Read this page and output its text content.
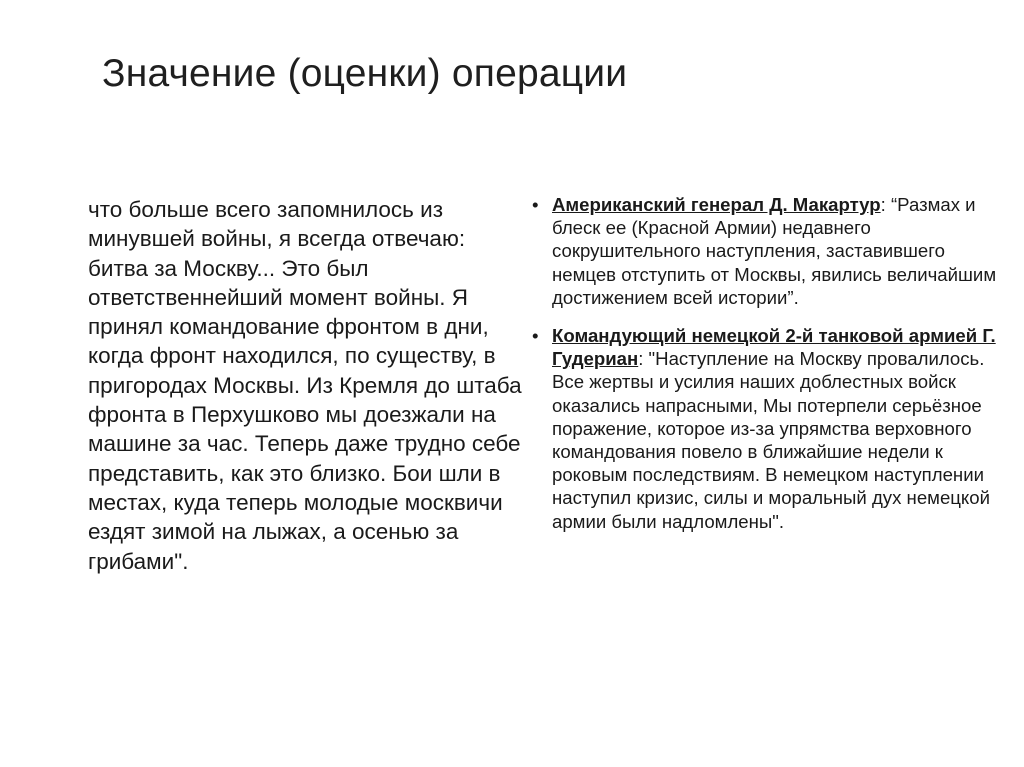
Значение (оценки) операции

что больше всего запомнилось из минувшей войны, я всегда отвечаю: битва за Москву... Это был ответственнейший момент войны. Я принял командование фронтом в дни, когда фронт находился, по существу, в пригородах Москвы. Из Кремля до штаба фронта в Перхушково мы доезжали на машине за час. Теперь даже трудно себе представить, как это близко. Бои шли в местах, куда теперь молодые москвичи ездят зимой на лыжах, а осенью за грибами".

• Американский генерал Д. Макартур: “Размах и блеск ее (Красной Армии) недавнего сокрушительного наступления, заставившего немцев отступить от Москвы, явились величайшим достижением всей истории”.
• Командующий немецкой 2-й танковой армией Г. Гудериан: "Наступление на Москву провалилось. Все жертвы и усилия наших доблестных войск оказались напрасными, Мы потерпели серьёзное поражение, которое из-за упрямства верховного командования повело в ближайшие недели к роковым последствиям. В немецком наступлении наступил кризис, силы и моральный дух немецкой армии были надломлены".
